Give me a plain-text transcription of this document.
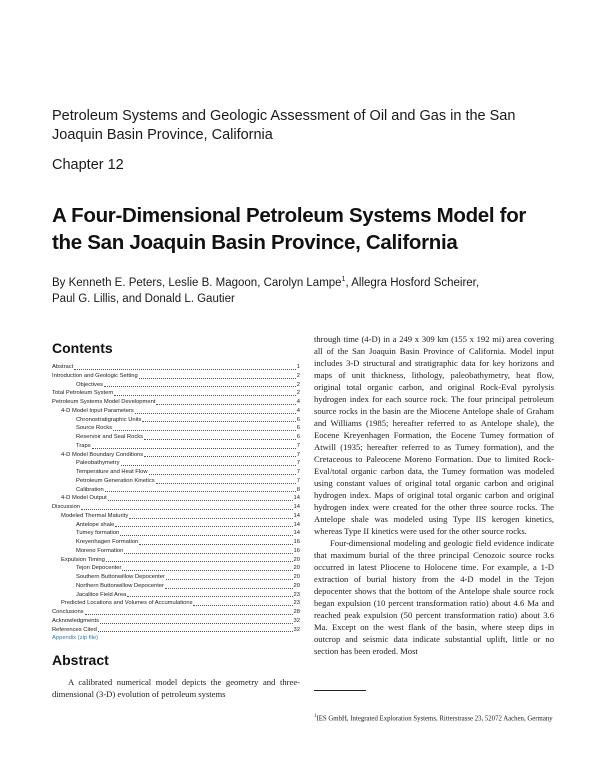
Petroleum Systems and Geologic Assessment of Oil and Gas in the San Joaquin Basin Province, California
Chapter 12
A Four-Dimensional Petroleum Systems Model for the San Joaquin Basin Province, California
By Kenneth E. Peters, Leslie B. Magoon, Carolyn Lampe$^1$, Allegra Hosford Scheirer,
Paul G. Lillis, and Donald L. Gautier
Contents
Abstract	1
Introduction and Geologic Setting	2
Objectives	2
Total Petroleum System	2
Petroleum Systems Model Development	4
4-D Model Input Parameters	4
Chronostratigraphic Units	6
Source Rocks	6
Reservoir and Seal Rocks	6
Traps	7
4-D Model Boundary Conditions	7
Paleobathymetry	7
Temperature and Heat Flow	7
Petroleum Generation Kinetics	7
Calibration	8
4-D Model Output	14
Discussion	14
Modeled Thermal Maturity	14
Antelope shale	14
Tumey formation	14
Kreyenhagen Formation	16
Moreno Formation	16
Expulsion Timing	20
Tejon Depocenter	20
Southern Buttonwillow Depocenter	20
Northern Buttonwillow Depocenter	20
Jacalitos Field Area	23
Predicted Locations and Volumes of Accumulations	23
Conclusions	28
Acknowledgments	32
References Cited	32
Appendix (zip file)
Abstract
A calibrated numerical model depicts the geometry and three-dimensional (3-D) evolution of petroleum systems

through time (4-D) in a 249 x 309 km (155 x 192 mi) area covering all of the San Joaquin Basin Province of California. Model input includes 3-D structural and stratigraphic data for key horizons and maps of unit thickness, lithology, paleobathymetry, heat flow, original total organic carbon, and original Rock-Eval pyrolysis hydrogen index for each source rock. The four principal petroleum source rocks in the basin are the Miocene Antelope shale of Graham and Williams (1985; hereafter referred to as Antelope shale), the Eocene Kreyenhagen Formation, the Eocene Tumey formation of Atwill (1935; hereafter referred to as Tumey formation), and the Cretaceous to Paleocene Moreno Formation. Due to limited Rock-Eval/total organic carbon data, the Tumey formation was modeled using constant values of original total organic carbon and original hydrogen index. Maps of original total organic carbon and original hydrogen index were created for the other three source rocks. The Antelope shale was modeled using Type IIS kerogen kinetics, whereas Type II kinetics were used for the other source rocks.

Four-dimensional modeling and geologic field evidence indicate that maximum burial of the three principal Cenozoic source rocks occurred in latest Pliocene to Holocene time. For example, a 1-D extraction of burial history from the 4-D model in the Tejon depocenter shows that the bottom of the Antelope shale source rock began expulsion (10 percent transformation ratio) about 4.6 Ma and reached peak expulsion (50 percent transformation ratio) about 3.6 Ma. Except on the west flank of the basin, where steep dips in outcrop and seismic data indicate substantial uplift, little or no section has been eroded. Most

$^1$IES GmbH, Integrated Exploration Systems, Ritterstrasse 23, 52072 Aachen, Germany
